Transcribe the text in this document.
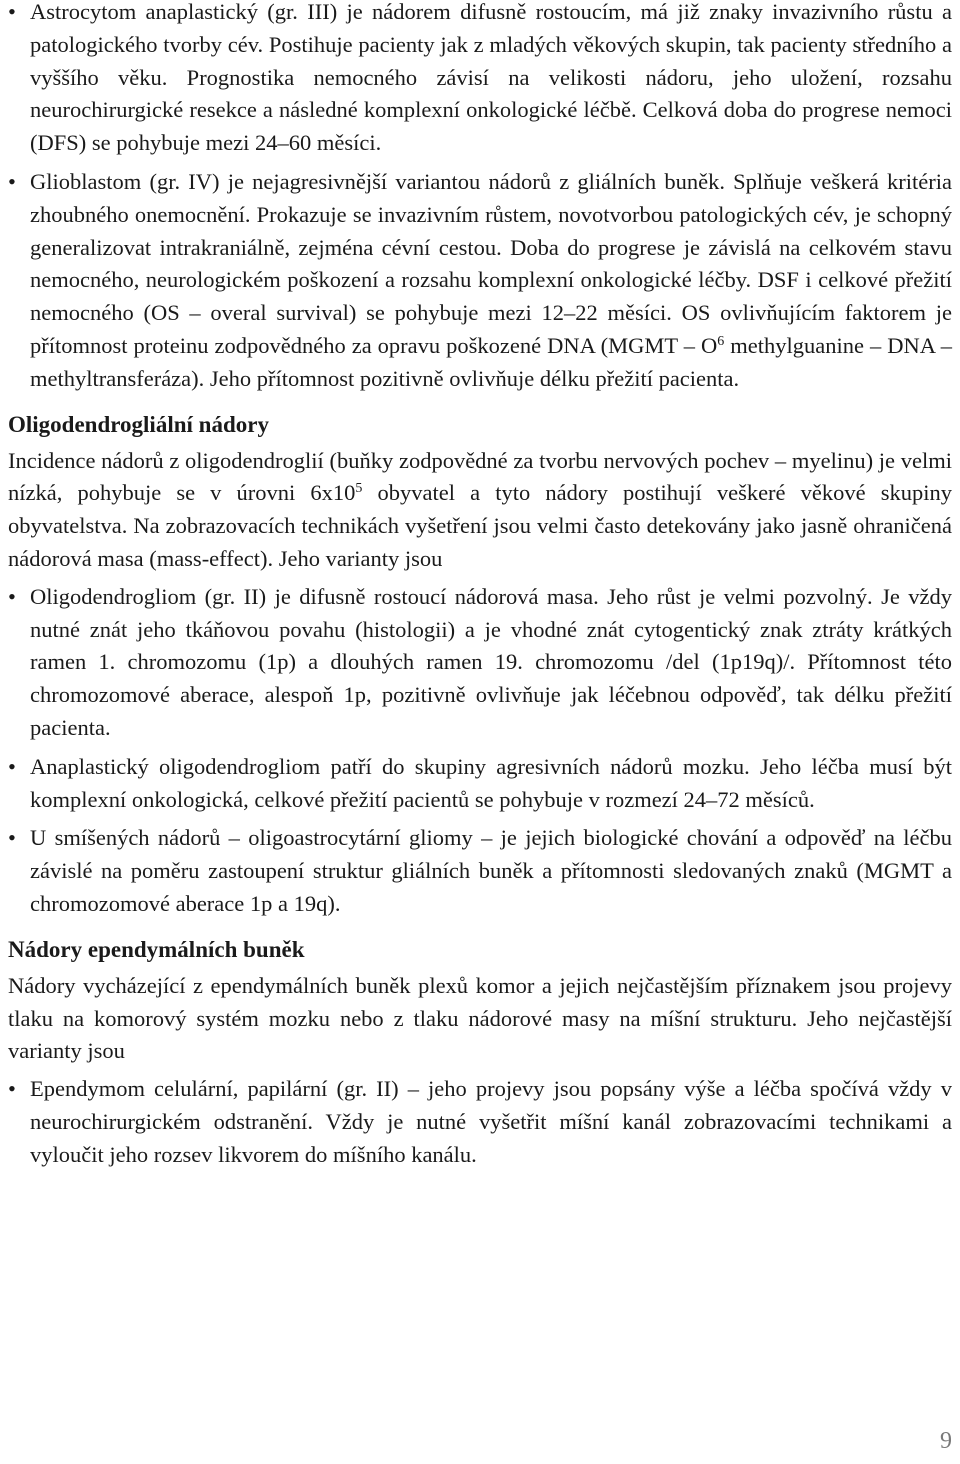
• Astrocytom anaplastický (gr. III) je nádorem difusně rostoucím, má již znaky invazivního růstu a patologického tvorby cév. Postihuje pacienty jak z mladých věkových skupin, tak pacienty středního a vyššího věku. Prognostika nemocného závisí na velikosti nádoru, jeho uložení, rozsahu neurochirurgické resekce a následné komplexní onkologické léčbě. Celková doba do progrese nemoci (DFS) se pohybuje mezi 24–60 měsíci.
• Glioblastom (gr. IV) je nejagresivnější variantou nádorů z gliálních buněk. Splňuje veškerá kritéria zhoubného onemocnění. Prokazuje se invazivním růstem, novotvorbou patologických cév, je schopný generalizovat intrakraniálně, zejména cévní cestou. Doba do progrese je závislá na celkovém stavu nemocného, neurologickém poškození a rozsahu komplexní onkologické léčby. DSF i celkové přežití nemocného (OS – overal survival) se pohybuje mezi 12–22 měsíci. OS ovlivňujícím faktorem je přítomnost proteinu zodpovědného za opravu poškozené DNA (MGMT – $O^6$ methylguanine – DNA – methyltransferáza). Jeho přítomnost pozitivně ovlivňuje délku přežití pacienta.
Oligodendrogliální nádory

Incidence nádorů z oligodendroglií (buňky zodpovědné za tvorbu nervových pochev – myelinu) je velmi nízká, pohybuje se v úrovni $6x10^5$ obyvatel a tyto nádory postihují veškeré věkové skupiny obyvatelstva. Na zobrazovacích technikách vyšetření jsou velmi často detekovány jako jasně ohraničená nádorová masa (mass-effect). Jeho varianty jsou

• Oligodendrogliom (gr. II) je difusně rostoucí nádorová masa. Jeho růst je velmi pozvolný. Je vždy nutné znát jeho tkáňovou povahu (histologii) a je vhodné znát cytogentický znak ztráty krátkých ramen 1. chromozomu (1p) a dlouhých ramen 19. chromozomu /del (1p19q)/. Přítomnost této chromozomové aberace, alespoň 1p, pozitivně ovlivňuje jak léčebnou odpověď, tak délku přežití pacienta.
• Anaplastický oligodendrogliom patří do skupiny agresivních nádorů mozku. Jeho léčba musí být komplexní onkologická, celkové přežití pacientů se pohybuje v rozmezí 24–72 měsíců.
• U smíšených nádorů – oligoastrocytární gliomy – je jejich biologické chování a odpověď na léčbu závislé na poměru zastoupení struktur gliálních buněk a přítomnosti sledovaných znaků (MGMT a chromozomové aberace 1p a 19q).
Nádory ependymálních buněk

Nádory vycházející z ependymálních buněk plexů komor a jejich nejčastějším příznakem jsou projevy tlaku na komorový systém mozku nebo z tlaku nádorové masy na míšní strukturu. Jeho nejčastější varianty jsou

• Ependymom celulární, papilární (gr. II) – jeho projevy jsou popsány výše a léčba spočívá vždy v neurochirurgickém odstranění. Vždy je nutné vyšetřit míšní kanál zobrazovacími technikami a vyloučit jeho rozsev likvorem do míšního kanálu.
9
